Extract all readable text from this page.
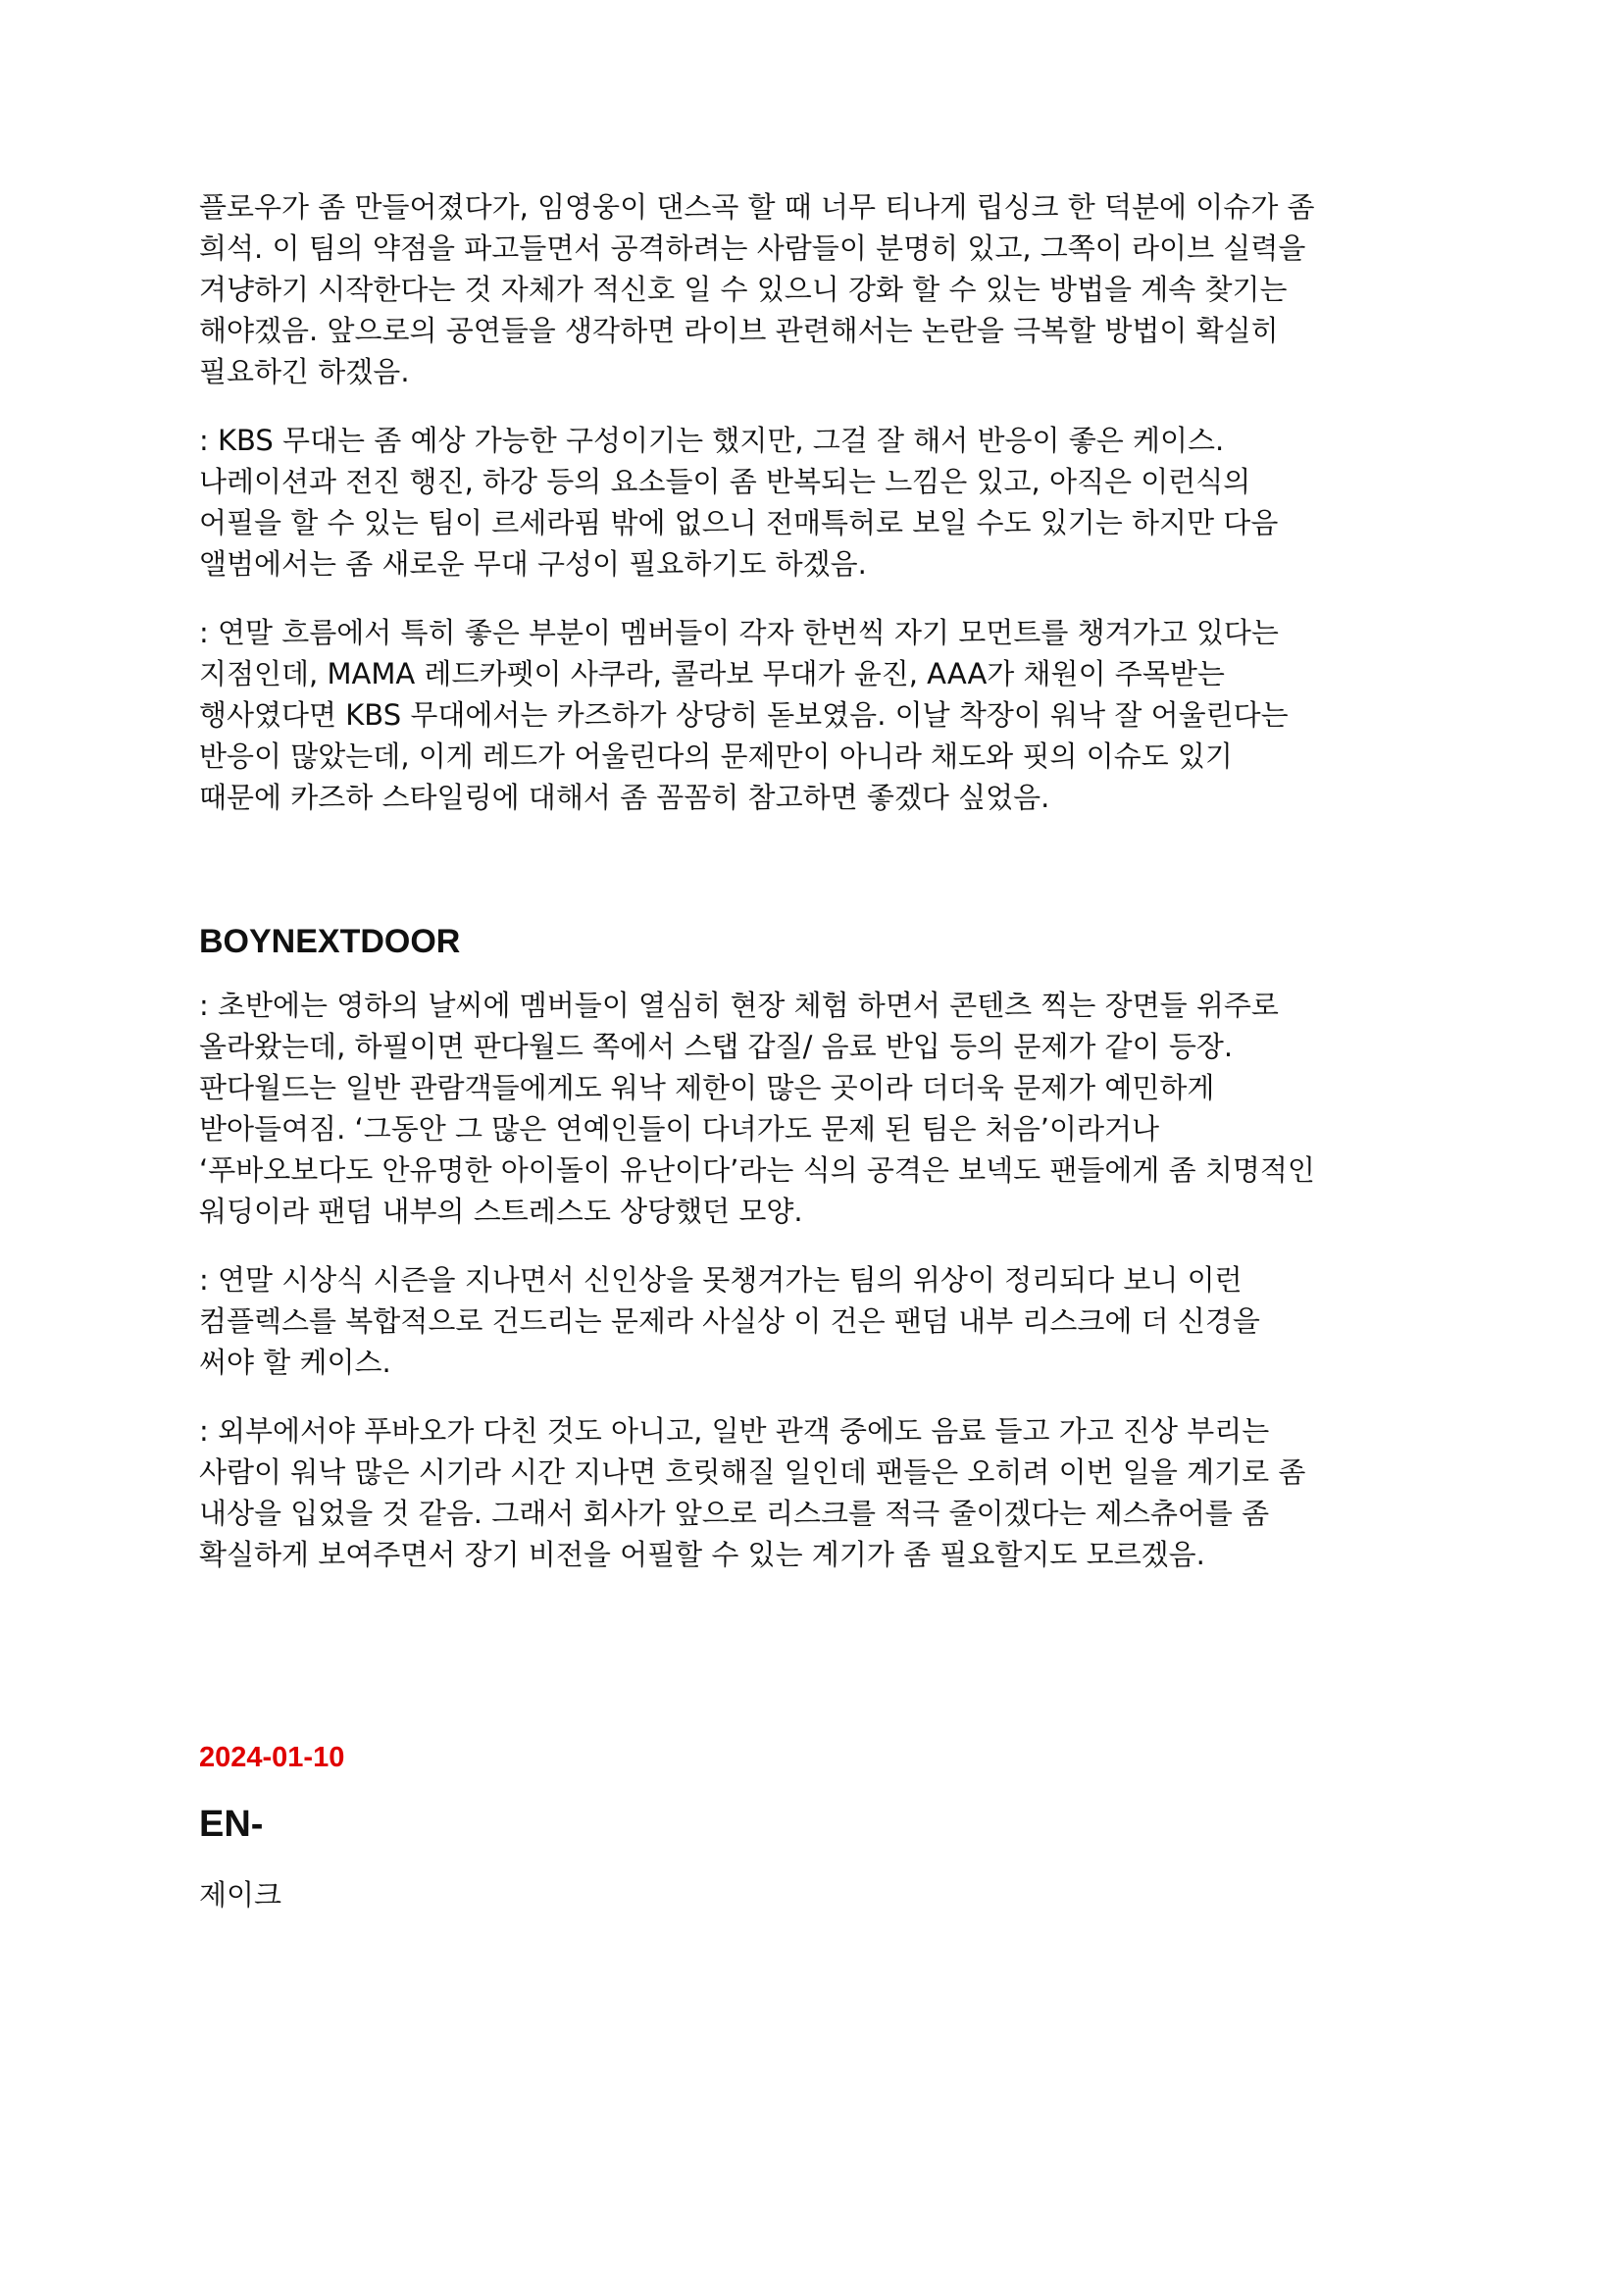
플로우가 좀 만들어졌다가, 임영웅이 댄스곡 할 때 너무 티나게 립싱크 한 덕분에 이슈가 좀

희석. 이 팀의 약점을 파고들면서 공격하려는 사람들이 분명히 있고, 그쪽이 라이브 실력을

겨냥하기 시작한다는 것 자체가 적신호 일 수 있으니 강화 할 수 있는 방법을 계속 찾기는

해야겠음. 앞으로의 공연들을 생각하면 라이브 관련해서는 논란을 극복할 방법이 확실히

필요하긴 하겠음.

: KBS 무대는 좀 예상 가능한 구성이기는 했지만, 그걸 잘 해서 반응이 좋은 케이스.

나레이션과 전진 행진, 하강 등의 요소들이 좀 반복되는 느낌은 있고, 아직은 이런식의

어필을 할 수 있는 팀이 르세라핌 밖에 없으니 전매특허로 보일 수도 있기는 하지만 다음

앨범에서는 좀 새로운 무대 구성이 필요하기도 하겠음.

: 연말 흐름에서 특히 좋은 부분이 멤버들이 각자 한번씩 자기 모먼트를 챙겨가고 있다는

지점인데, MAMA 레드카펫이 사쿠라, 콜라보 무대가 윤진, AAA가 채원이 주목받는

행사였다면 KBS 무대에서는 카즈하가 상당히 돋보였음. 이날 착장이 워낙 잘 어울린다는

반응이 많았는데, 이게 레드가 어울린다의 문제만이 아니라 채도와 핏의 이슈도 있기

때문에 카즈하 스타일링에 대해서 좀 꼼꼼히 참고하면 좋겠다 싶었음.

BOYNEXTDOOR

: 초반에는 영하의 날씨에 멤버들이 열심히 현장 체험 하면서 콘텐츠 찍는 장면들 위주로

올라왔는데, 하필이면 판다월드 쪽에서 스탭 갑질/ 음료 반입 등의 문제가 같이 등장.

판다월드는 일반 관람객들에게도 워낙 제한이 많은 곳이라 더더욱 문제가 예민하게

받아들여짐. ‘그동안 그 많은 연예인들이 다녀가도 문제 된 팀은 처음’이라거나

‘푸바오보다도 안유명한 아이돌이 유난이다’라는 식의 공격은 보넥도 팬들에게 좀 치명적인

워딩이라 팬덤 내부의 스트레스도 상당했던 모양.

: 연말 시상식 시즌을 지나면서 신인상을 못챙겨가는 팀의 위상이 정리되다 보니 이런

컴플렉스를 복합적으로 건드리는 문제라 사실상 이 건은 팬덤 내부 리스크에 더 신경을

써야 할 케이스.

: 외부에서야 푸바오가 다친 것도 아니고, 일반 관객 중에도 음료 들고 가고 진상 부리는

사람이 워낙 많은 시기라 시간 지나면 흐릿해질 일인데 팬들은 오히려 이번 일을 계기로 좀

내상을 입었을 것 같음. 그래서 회사가 앞으로 리스크를 적극 줄이겠다는 제스츄어를 좀

확실하게 보여주면서 장기 비전을 어필할 수 있는 계기가 좀 필요할지도 모르겠음.

2024-01-10

EN-

제이크
